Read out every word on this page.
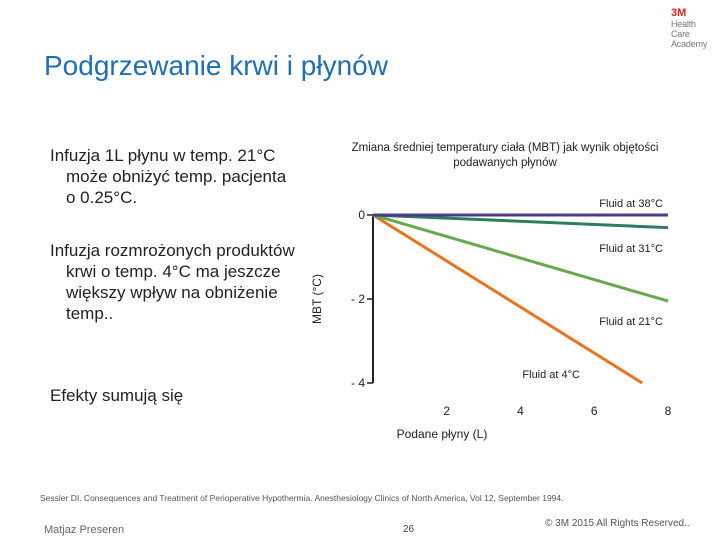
3M
Health
Care
Academy
Podgrzewanie krwi i płynów
Infuzja 1L płynu w temp. 21°C może obniżyć temp. pacjenta o 0.25°C.
Infuzja rozmrożonych produktów krwi o temp. 4°C ma jeszcze większy wpływ na obniżenie temp..
Efekty sumują się
Zmiana średniej temperatury ciała (MBT) jak wynik objętości podawanych płynów
0
- 2
- 4
2	4	6	8
Podane płyny (L)
MBT (°C)
Fluid at 38°C
Fluid at 31°C
Fluid at 21°C
Fluid at 4°C
Sessler DI. Consequences and Treatment of Perioperative Hypothermia. Anesthesiology Clinics of North America, Vol 12, September 1994.
Matjaz Preseren	26
© 3M 2015 All Rights Reserved..
